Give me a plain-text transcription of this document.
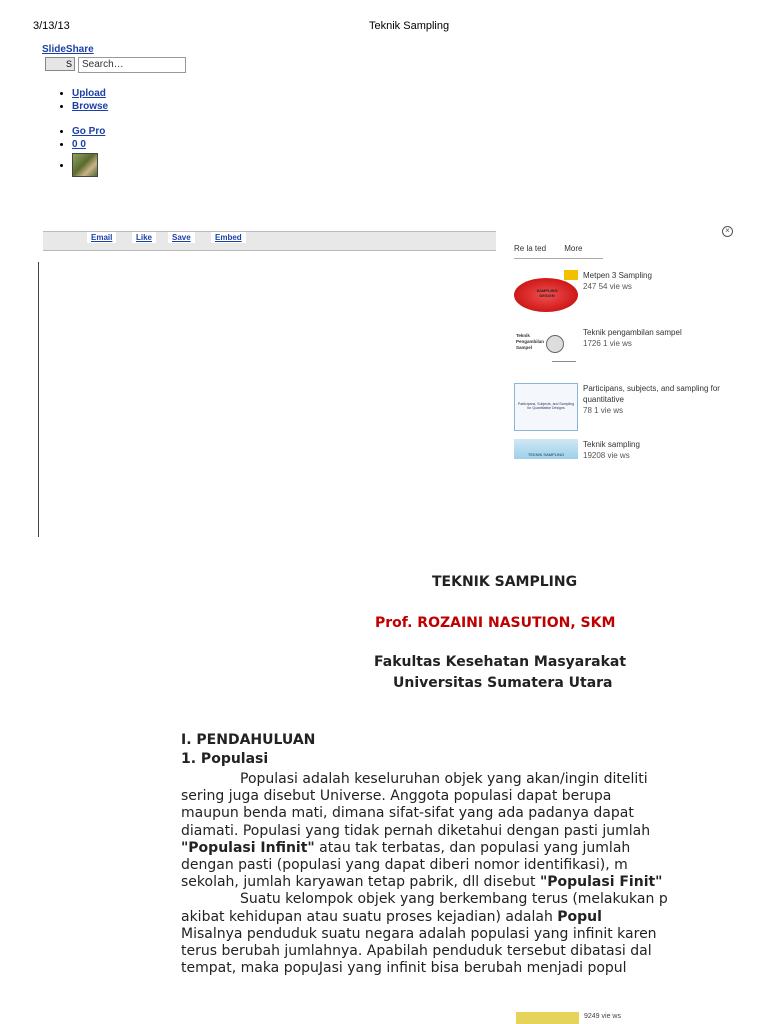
3/13/13	Teknik Sampling
SlideShare
S	Search…
• Upload
• Browse
• Go Pro
• 0 0
•
×
Email	Like	Save	Embed
Re la ted More
SAMPLING DESIGN
Metpen 3 Sampling
247 54 vie ws
Teknik Pengambilan Sampel
Teknik pengambilan sampel
1726 1 vie ws
Participans, Subjects, and Sampling for Quantitative Designs
Participans, subjects, and sampling for quantitative
78 1 vie ws
TEKNIK SAMPLING
Teknik sampling
19208 vie ws
TEKNIK SAMPLING
Prof. ROZAINI NASUTION, SKM
Fakultas Kesehatan Masyarakat
Universitas Sumatera Utara
I. PENDAHULUAN
1. Populasi
Populasi adalah keseluruhan objek yang akan/ingin diteliti
sering juga disebut Universe. Anggota populasi dapat berupa
maupun benda mati, dimana sifat-sifat yang ada padanya dapat
diamati. Populasi yang tidak pernah diketahui dengan pasti jumlah
"Populasi Infinit" atau tak terbatas, dan populasi yang jumlah
dengan pasti (populasi yang dapat diberi nomor identifikasi), m
sekolah, jumlah karyawan tetap pabrik, dll disebut "Populasi Finit"
Suatu kelompok objek yang berkembang terus (melakukan p
akibat kehidupan atau suatu proses kejadian) adalah Popul
Misalnya penduduk suatu negara adalah populasi yang infinit karen
terus berubah jumlahnya. Apabilah penduduk tersebut dibatasi dal
tempat, maka popuJasi yang infinit bisa berubah menjadi popul
9249 vie ws
